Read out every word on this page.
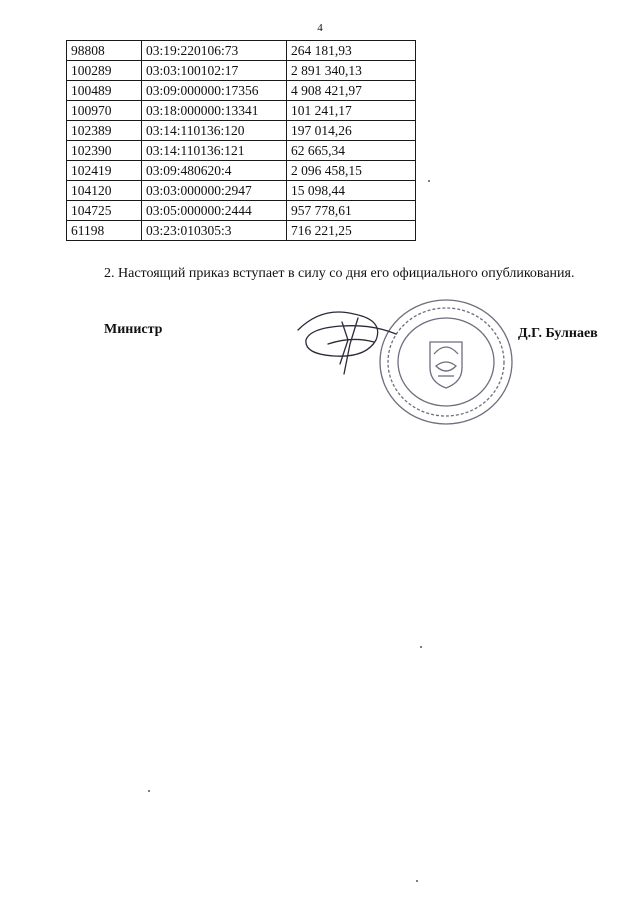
4
98808	03:19:220106:73	264 181,93
100289	03:03:100102:17	2 891 340,13
100489	03:09:000000:17356	4 908 421,97
100970	03:18:000000:13341	101 241,17
102389	03:14:110136:120	197 014,26
102390	03:14:110136:121	62 665,34
102419	03:09:480620:4	2 096 458,15
104120	03:03:000000:2947	15 098,44
104725	03:05:000000:2444	957 778,61
61198	03:23:010305:3	716 221,25
2. Настоящий приказ вступает в силу со дня его официального опубликования.
Министр	Д.Г. Булнаев
